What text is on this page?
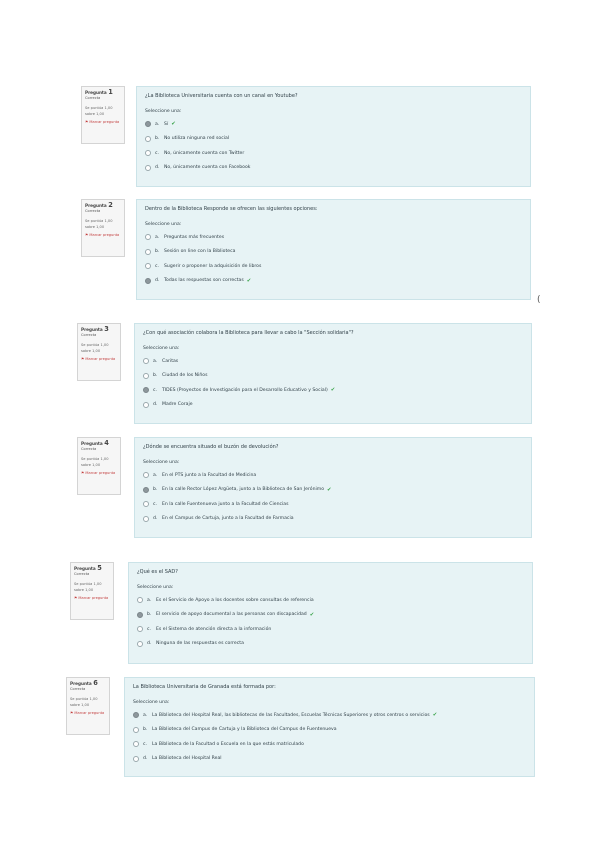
Pregunta 1
Correcta
Se puntúa 1,00 sobre 1,00
⚑ Marcar pregunta
¿La Biblioteca Universitaria cuenta con un canal en Youtube?
Seleccione una:
a.	Sí ✔
b.	No utiliza ninguna red social
c.	No, únicamente cuenta con Twitter
d.	No, únicamente cuenta con Facebook
Pregunta 2
Correcta
Se puntúa 1,00 sobre 1,00
⚑ Marcar pregunta
Dentro de la Biblioteca Responde se ofrecen las siguientes opciones:
Seleccione una:
a.	Preguntas más frecuentes
b.	Sesión on line con la Biblioteca
c.	Sugerir o proponer la adquisición de libros
d.	Todas las respuestas son correctas ✔
(
Pregunta 3
Correcta
Se puntúa 1,00 sobre 1,00
⚑ Marcar pregunta
¿Con qué asociación colabora la Biblioteca para llevar a cabo la "Sección solidaria"?
Seleccione una:
a.	Caritas
b.	Ciudad de los Niños
c.	TIDES (Proyectos de Investigación para el Desarrollo Educativo y Social) ✔
d.	Madre Coraje
Pregunta 4
Correcta
Se puntúa 1,00 sobre 1,00
⚑ Marcar pregunta
¿Dónde se encuentra situado el buzón de devolución?
Seleccione una:
a.	En el PTS junto a la Facultad de Medicina
b.	En la calle Rector López Argüeta, junto a la Biblioteca de San Jerónimo ✔
c.	En la calle Fuentenueva junto a la Facultad de Ciencias
d.	En el Campus de Cartuja, junto a la Facultad de Farmacia
Pregunta 5
Correcta
Se puntúa 1,00 sobre 1,00
⚑ Marcar pregunta
¿Qué es el SAD?
Seleccione una:
a.	Es el Servicio de Apoyo a los docentes sobre consultas de referencia
b.	El servicio de apoyo documental a las personas con discapacidad ✔
c.	Es el Sistema de atención directa a la información
d.	Ninguna de las respuestas es correcta
Pregunta 6
Correcta
Se puntúa 1,00 sobre 1,00
⚑ Marcar pregunta
La Biblioteca Universitaria de Granada está formada por:
Seleccione una:
a.	La Biblioteca del Hospital Real, las bibliotecas de las Facultades, Escuelas Técnicas Superiores y otros centros o servicios ✔
b.	La Biblioteca del Campus de Cartuja y la Biblioteca del Campus de Fuentenueva
c.	La Biblioteca de la Facultad o Escuela en la que estás matriculado
d.	La Biblioteca del Hospital Real
